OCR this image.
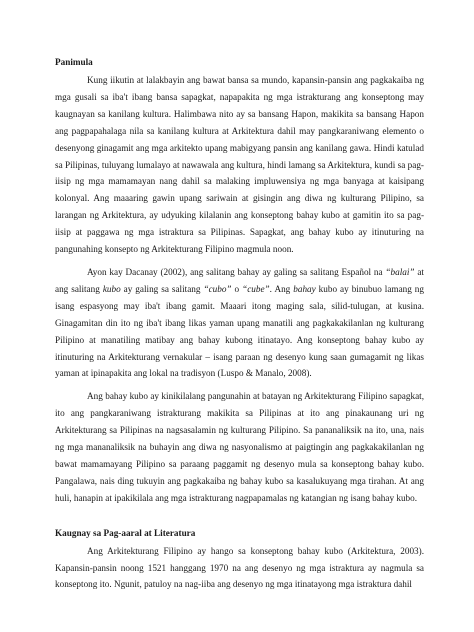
Panimula

Kung iikutin at lalakbayin ang bawat bansa sa mundo, kapansin-pansin ang pagkakaiba ng mga gusali sa iba't ibang bansa sapagkat, napapakita ng mga istrakturang ang konseptong may kaugnayan sa kanilang kultura. Halimbawa nito ay sa bansang Hapon, makikita sa bansang Hapon ang pagpapahalaga nila sa kanilang kultura at Arkitektura dahil may pangkaraniwang elemento o desenyong ginagamit ang mga arkitekto upang mabigyang pansin ang kanilang gawa. Hindi katulad sa Pilipinas, tuluyang lumalayo at nawawala ang kultura, hindi lamang sa Arkitektura, kundi sa pag-iisip ng mga mamamayan nang dahil sa malaking impluwensiya ng mga banyaga at kaisipang kolonyal. Ang maaaring gawin upang sariwain at gisingin ang diwa ng kulturang Pilipino, sa larangan ng Arkitektura, ay udyuking kilalanin ang konseptong bahay kubo at gamitin ito sa pag-iisip at paggawa ng mga istraktura sa Pilipinas. Sapagkat, ang bahay kubo ay itinuturing na pangunahing konsepto ng Arkitekturang Filipino magmula noon.

Ayon kay Dacanay (2002), ang salitang bahay ay galing sa salitang Español na “balai” at ang salitang kubo ay galing sa salitang “cubo” o “cube”. Ang bahay kubo ay binubuo lamang ng isang espasyong may iba't ibang gamit. Maaari itong maging sala, silid-tulugan, at kusina. Ginagamitan din ito ng iba't ibang likas yaman upang manatili ang pagkakakilanlan ng kulturang Pilipino at manatiling matibay ang bahay kubong itinatayo. Ang konseptong bahay kubo ay itinuturing na Arkitekturang vernakular – isang paraan ng desenyo kung saan gumagamit ng likas yaman at ipinapakita ang lokal na tradisyon (Luspo & Manalo, 2008).

Ang bahay kubo ay kinikilalang pangunahin at batayan ng Arkitekturang Filipino sapagkat, ito ang pangkaraniwang istrakturang makikita sa Pilipinas at ito ang pinakaunang uri ng Arkitekturang sa Pilipinas na nagsasalamin ng kulturang Pilipino. Sa pananaliksik na ito, una, nais ng mga mananaliksik na buhayin ang diwa ng nasyonalismo at paigtingin ang pagkakakilanlan ng bawat mamamayang Pilipino sa paraang paggamit ng desenyo mula sa konseptong bahay kubo. Pangalawa, nais ding tukuyin ang pagkakaiba ng bahay kubo sa kasalukuyang mga tirahan. At ang huli, hanapin at ipakikilala ang mga istrakturang nagpapamalas ng katangian ng isang bahay kubo.

Kaugnay sa Pag-aaral at Literatura

Ang Arkitekturang Filipino ay hango sa konseptong bahay kubo (Arkitektura, 2003). Kapansin-pansin noong 1521 hanggang 1970 na ang desenyo ng mga istraktura ay nagmula sa konseptong ito. Ngunit, patuloy na nag-iiba ang desenyo ng mga itinatayong mga istraktura dahil
